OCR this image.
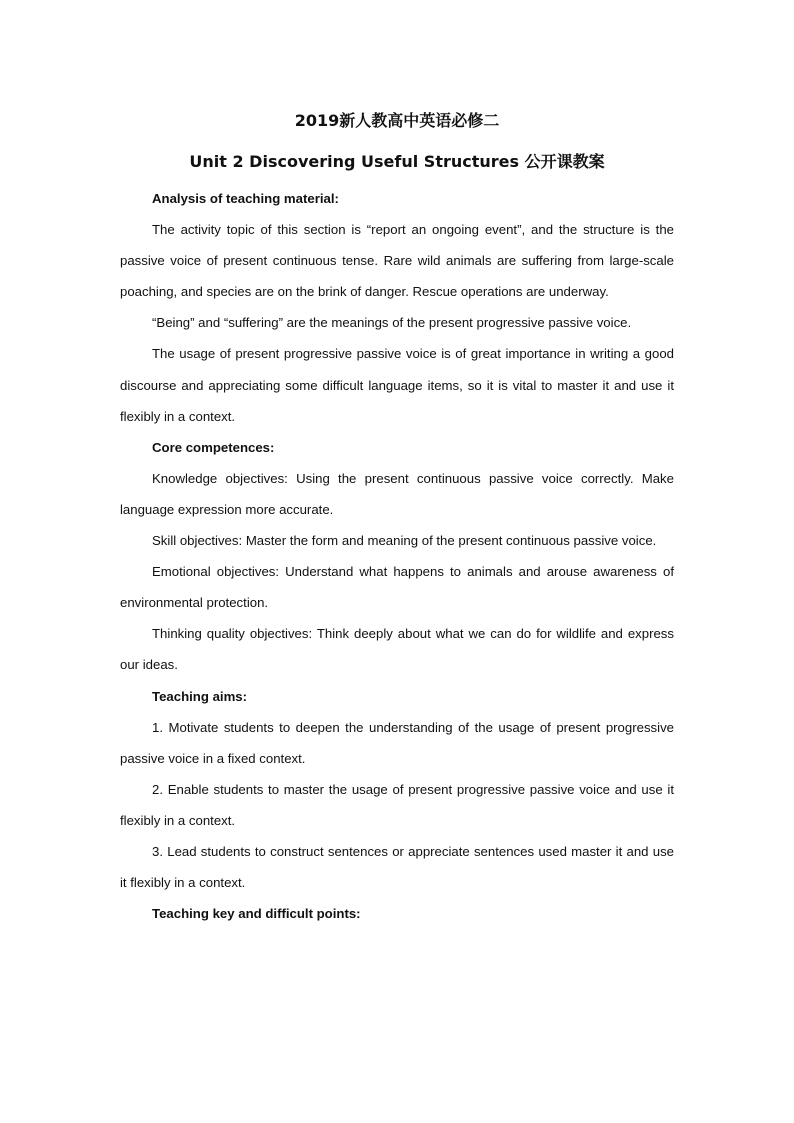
2019新人教高中英语必修二
Unit 2 Discovering Useful Structures 公开课教案

Analysis of teaching material:

The activity topic of this section is “report an ongoing event”, and the structure is the passive voice of present continuous tense. Rare wild animals are suffering from large-scale poaching, and species are on the brink of danger. Rescue operations are underway.

“Being” and “suffering” are the meanings of the present progressive passive voice.

The usage of present progressive passive voice is of great importance in writing a good discourse and appreciating some difficult language items, so it is vital to master it and use it flexibly in a context.

Core competences:

Knowledge objectives: Using the present continuous passive voice correctly. Make language expression more accurate.

Skill objectives: Master the form and meaning of the present continuous passive voice.

Emotional objectives: Understand what happens to animals and arouse awareness of environmental protection.

Thinking quality objectives: Think deeply about what we can do for wildlife and express our ideas.

Teaching aims:

1. Motivate students to deepen the understanding of the usage of present progressive passive voice in a fixed context.

2. Enable students to master the usage of present progressive passive voice and use it flexibly in a context.

3. Lead students to construct sentences or appreciate sentences used master it and use it flexibly in a context.

Teaching key and difficult points:
